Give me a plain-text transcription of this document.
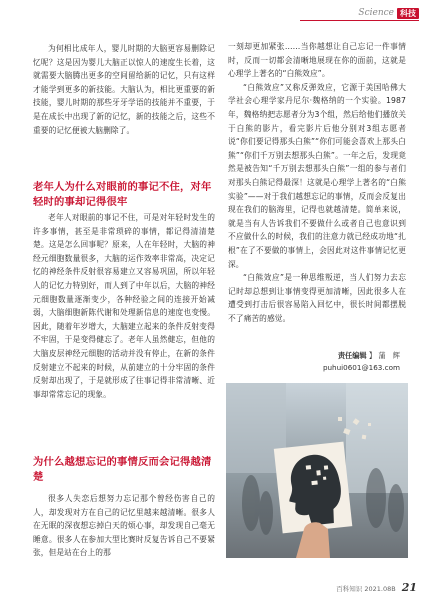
Science 科技

为何相比成年人，婴儿时期的大脑更容易删除记忆呢？这是因为婴儿大脑正以惊人的速度生长着，这就需要大脑腾出更多的空间留给新的记忆，只有这样才能学到更多的新技能。大脑认为，相比更重要的新技能，婴儿时期的那些牙牙学语的技能并不重要，于是在成长中出现了新的记忆，新的技能之后，这些不重要的记忆便被大脑删除了。

老年人为什么对眼前的事记不住，对年轻时的事却记得很牢

老年人对眼前的事记不住，可是对年轻时发生的许多事情，甚至是非常琐碎的事情，都记得清清楚楚。这是怎么回事呢？原来，人在年轻时，大脑的神经元细胞数量很多，大脑的运作效率非常高，决定记忆的神经条件反射很容易建立又容易巩固，所以年轻人的记忆力特别好，而人到了中年以后，大脑的神经元细胞数量逐渐变少，各种经验之间的连接开始减弱，大脑细胞新陈代谢和处理新信息的速度也变慢。因此，随着年岁增大，大脑建立起来的条件反射变得不牢固，于是变得健忘了。老年人虽然健忘，但他的大脑皮层神经元细胞的活动并没有停止，在新的条件反射建立不起来的时候，从前建立的十分牢固的条件反射却出现了，于是就形成了往事记得非常清晰、近事却常常忘记的现象。

为什么越想忘记的事情反而会记得越清楚

很多人失恋后想努力忘记那个曾经伤害自己的人，却发现对方在自己的记忆里越来越清晰。很多人在无眠的深夜想忘掉白天的烦心事，却发现自己毫无睡意。很多人在参加大型比赛时反复告诉自己不要紧张，但是站在台上的那

一刻却更加紧张……当你越想让自己忘记一件事情时，反而一切都会清晰地展现在你的面前，这就是心理学上著名的“白熊效应”。

“白熊效应”又称反弹效应，它源于美国哈佛大学社会心理学家丹尼尔·魏格纳的一个实验。1987年，魏格纳把志愿者分为3个组，然后给他们播放关于白熊的影片，看完影片后他分别对3组志愿者说“你们要记得那头白熊”“你们可能会喜欢上那头白熊”“你们千万别去想那头白熊”。一年之后，发现竟然是被告知“千万别去想那头白熊”一组的参与者们对那头白熊记得最深！这就是心理学上著名的“白熊实验”——对于我们越想忘记的事情，反而会反复出现在我们的脑海里，记得也就越清楚。简单来说，就是当有人告诉我们不要做什么或者自己也意识到不应做什么的时候，我们的注意力就已经成功地“扎根”在了不要做的事情上，会因此对这件事情记忆更深。

“白熊效应”是一种思维叛逆，当人们努力去忘记时却总想到让事情变得更加清晰，因此很多人在遭受到打击后很容易陷入回忆中，很长时间都摆脱不了痛苦的感觉。

责任编辑 】 蒲　辉
puhui0601@163.com
百科知识 2021.08B 21
